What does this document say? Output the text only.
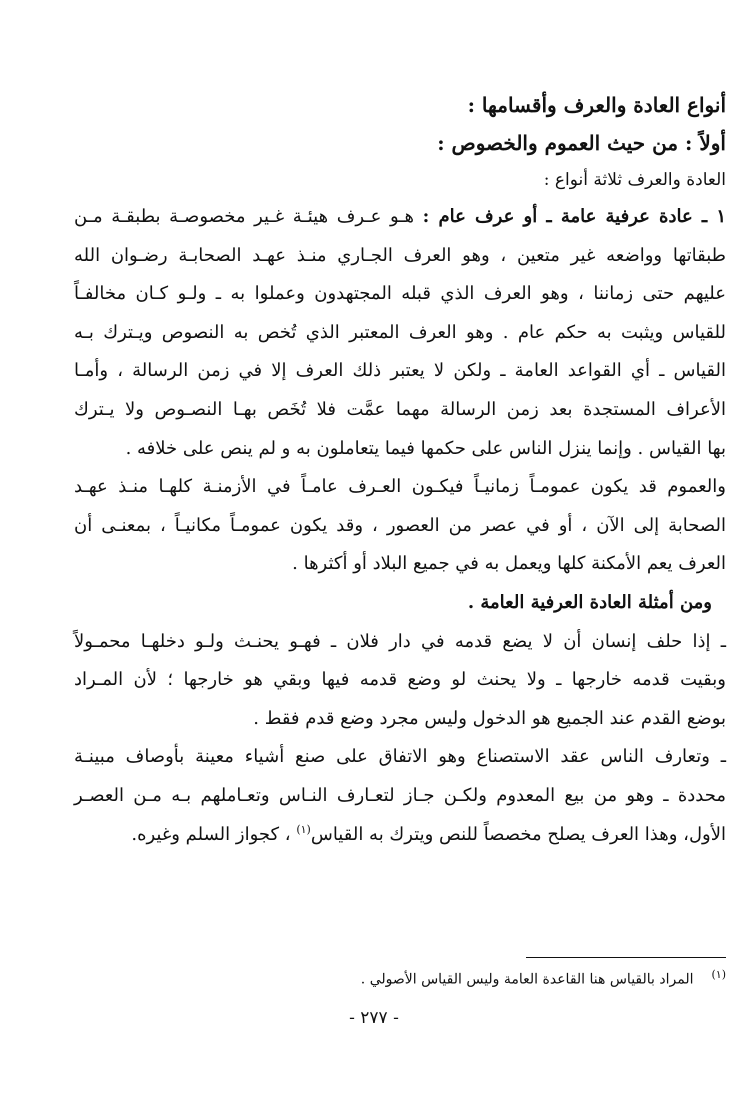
أنواع العادة والعرف وأقسامها :

أولاً : من حيث العموم والخصوص :

العادة والعرف ثلاثة أنواع :

١ ـ عادة عرفية عامة ـ أو عرف عام : هـو عـرف هيئـة غـير مخصوصـة بطبقـة مـن

طبقاتها وواضعه غير متعين ، وهو العرف الجـاري منـذ عهـد الصحابـة رضـوان الله

عليهم حتى زماننا ، وهو العرف الذي قبله المجتهدون وعملوا به ـ ولـو كـان مخالفـاً

للقياس ويثبت به حكم عام . وهو العرف المعتبر الذي تُخص به النصوص ويـترك بـه

القياس ـ أي القواعد العامة ـ ولكن لا يعتبر ذلك العرف إلا في زمن الرسالة ، وأمـا

الأعراف المستجدة بعد زمن الرسالة مهما عمَّت فلا تُخَص بهـا النصـوص ولا يـترك

بها القياس . وإنما ينزل الناس على حكمها فيما يتعاملون به و لم ينص على خلافه .

والعموم قد يكون عمومـاً زمانيـاً فيكـون العـرف عامـاً في الأزمنـة كلهـا منـذ عهـد

الصحابة إلى الآن ، أو في عصر من العصور ، وقد يكون عمومـاً مكانيـاً ، بمعنـى أن

العرف يعم الأمكنة كلها ويعمل به في جميع البلاد أو أكثرها .

ومن أمثلة العادة العرفية العامة .

ـ إذا حلف إنسان أن لا يضع قدمه في دار فلان ـ فهـو يحنـث ولـو دخلهـا محمـولاً

وبقيت قدمه خارجها ـ ولا يحنث لو وضع قدمه فيها وبقي هو خارجها ؛ لأن المـراد

بوضع القدم عند الجميع هو الدخول وليس مجرد وضع قدم فقط .

ـ وتعارف الناس عقد الاستصناع وهو الاتفاق على صنع أشياء معينة بأوصاف مبينـة

محددة ـ وهو من بيع المعدوم ولكـن جـاز لتعـارف النـاس وتعـاملهم بـه مـن العصـر

الأول، وهذا العرف يصلح مخصصاً للنص ويترك به القياس$^{(١)}$ ، كجواز السلم وغيره.

$^{(١)}$المراد بالقياس هنا القاعدة العامة وليس القياس الأصولي .
- ٢٧٧ -
